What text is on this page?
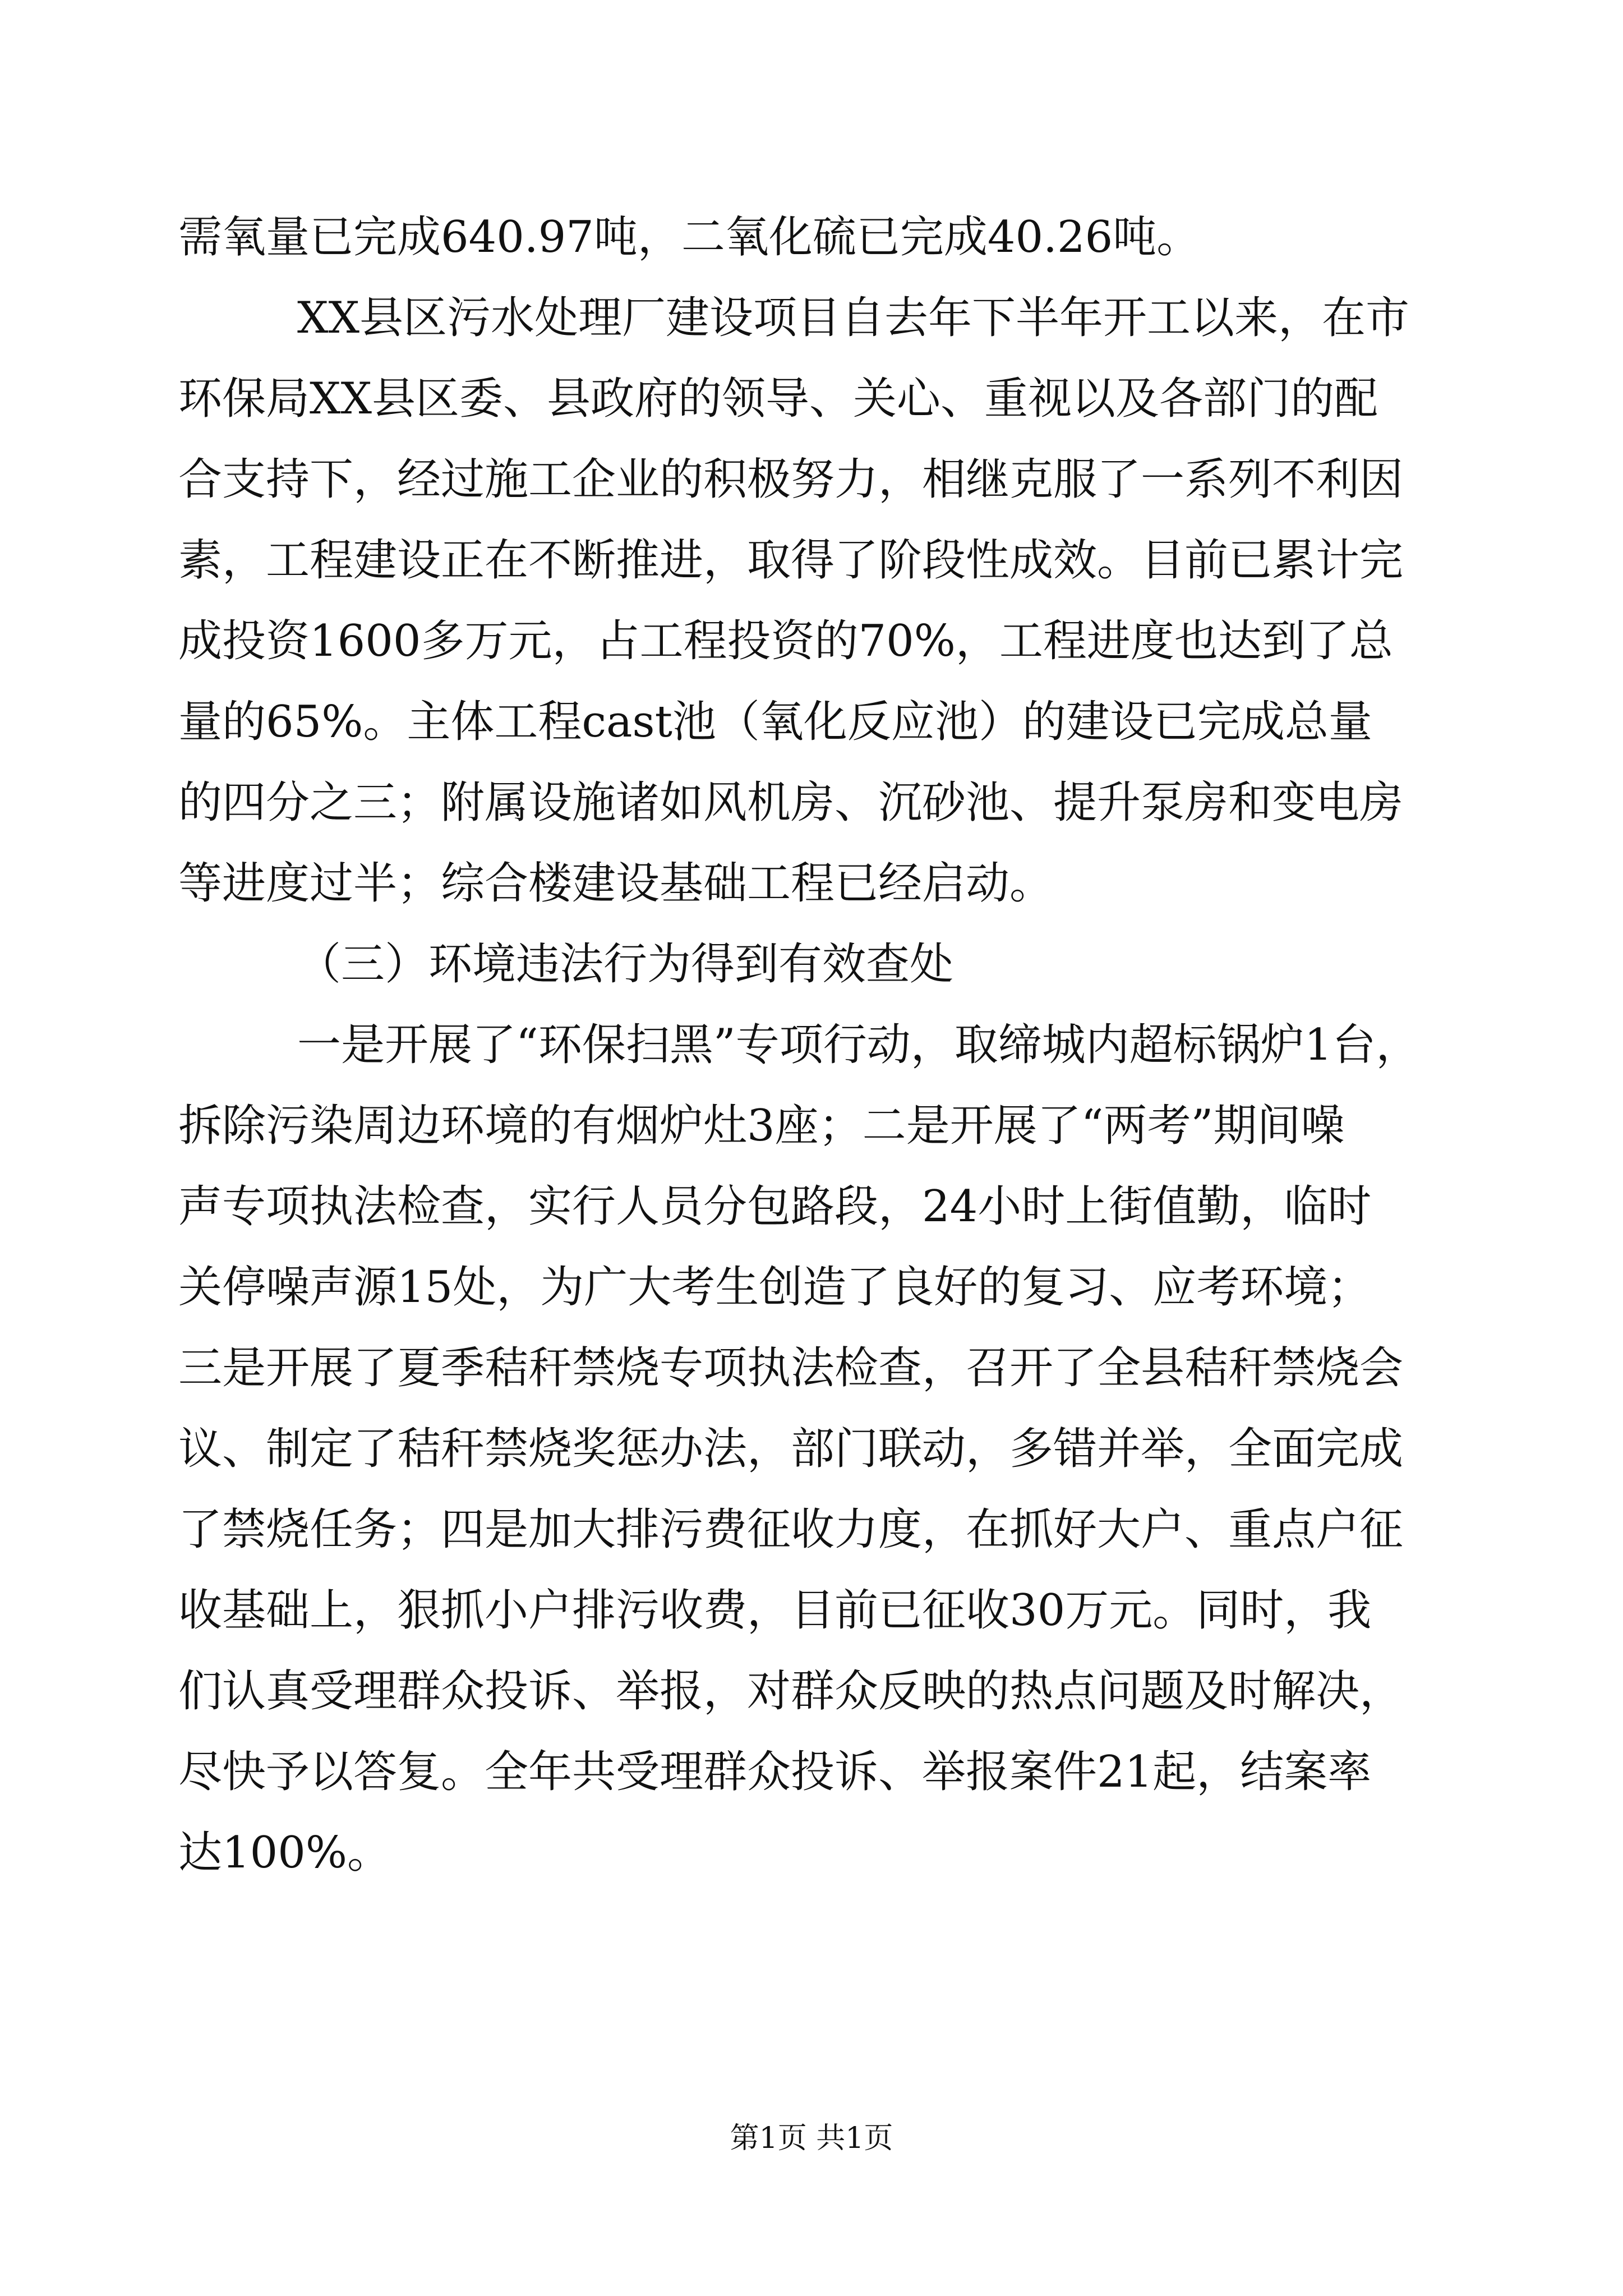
需氧量已完成640.97吨，二氧化硫已完成40.26吨。
XX县区污水处理厂建设项目自去年下半年开工以来，在市
环保局XX县区委、县政府的领导、关心、重视以及各部门的配
合支持下，经过施工企业的积极努力，相继克服了一系列不利因
素，工程建设正在不断推进，取得了阶段性成效。目前已累计完
成投资1600多万元，占工程投资的70%，工程进度也达到了总
量的65%。主体工程cast池（氧化反应池）的建设已完成总量
的四分之三；附属设施诸如风机房、沉砂池、提升泵房和变电房
等进度过半；综合楼建设基础工程已经启动。
（三）环境违法行为得到有效查处
一是开展了“环保扫黑”专项行动，取缔城内超标锅炉1台，
拆除污染周边环境的有烟炉灶3座；二是开展了“两考”期间噪
声专项执法检查，实行人员分包路段，24小时上街值勤，临时
关停噪声源15处，为广大考生创造了良好的复习、应考环境；
三是开展了夏季秸秆禁烧专项执法检查，召开了全县秸秆禁烧会
议、制定了秸秆禁烧奖惩办法，部门联动，多错并举，全面完成
了禁烧任务；四是加大排污费征收力度，在抓好大户、重点户征
收基础上，狠抓小户排污收费，目前已征收30万元。同时，我
们认真受理群众投诉、举报，对群众反映的热点问题及时解决，
尽快予以答复。全年共受理群众投诉、举报案件21起，结案率
达100%。
第1页 共1页
